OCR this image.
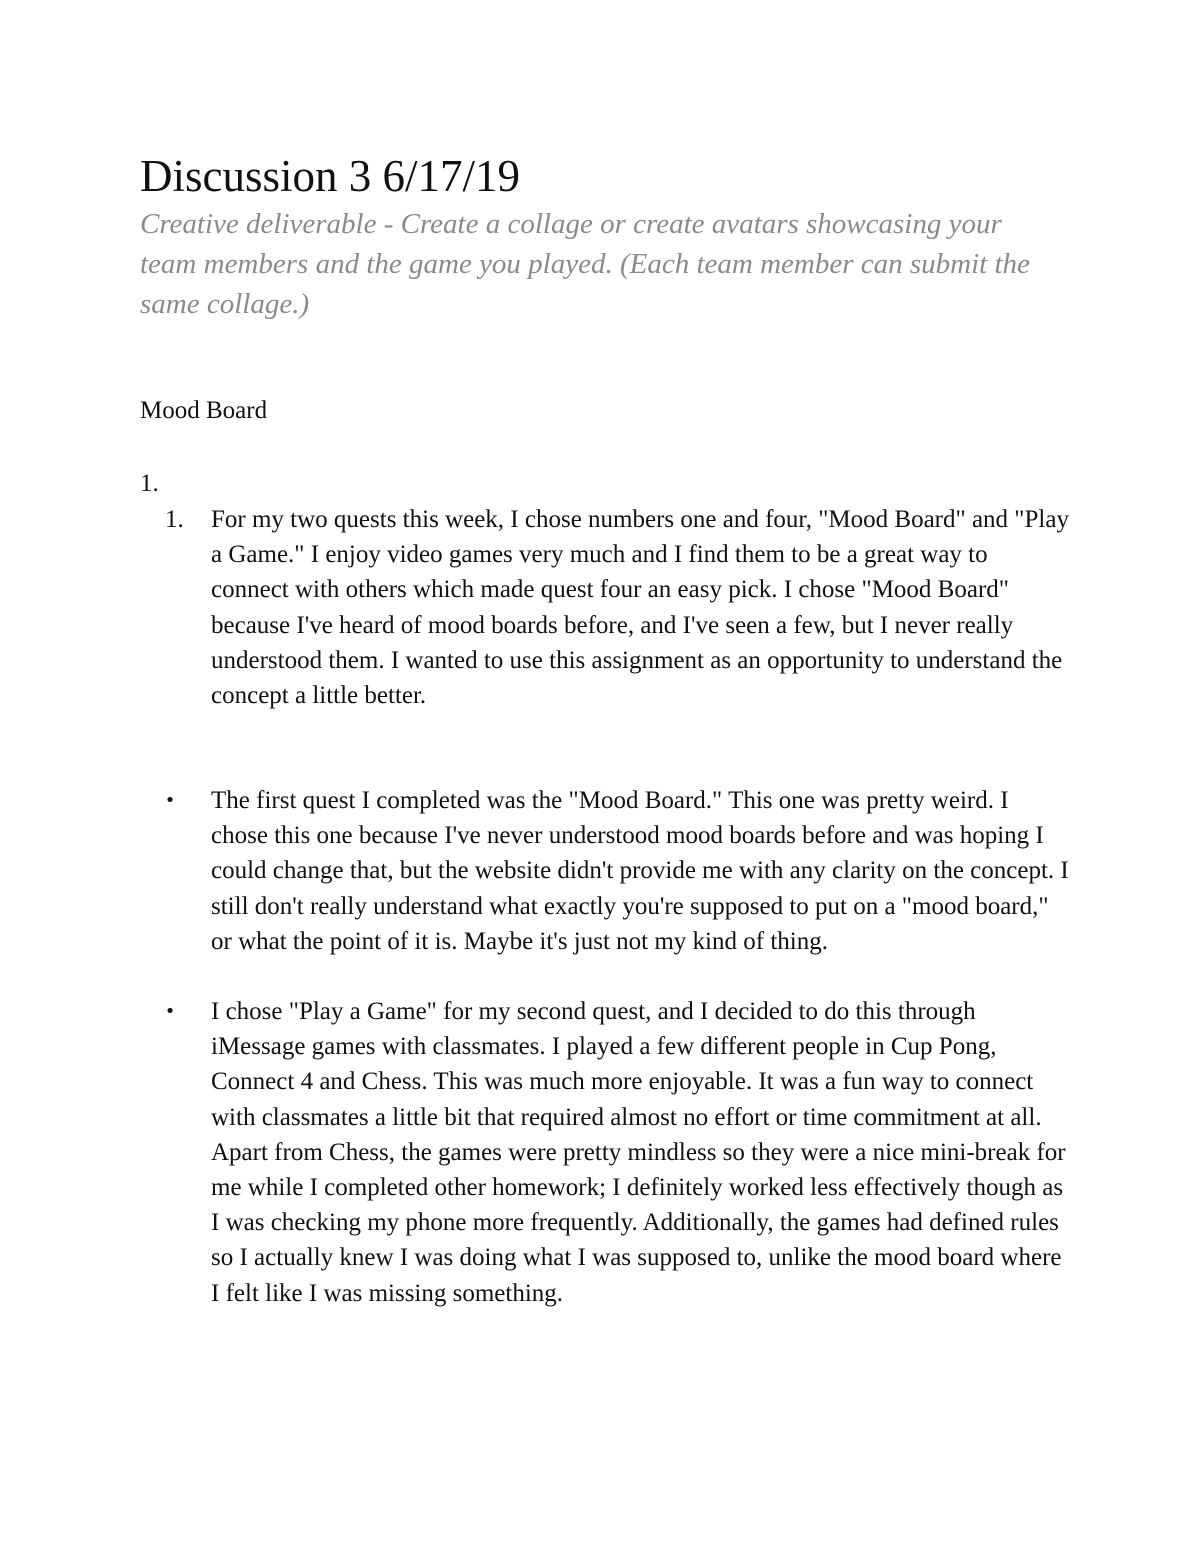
Discussion 3 6/17/19

Creative deliverable - Create a collage or create avatars showcasing your team members and the game you played. (Each team member can submit the same collage.)

Mood Board
1.
1.	For my two quests this week, I chose numbers one and four, "Mood Board" and "Play a Game." I enjoy video games very much and I find them to be a great way to connect with others which made quest four an easy pick. I chose "Mood Board" because I've heard of mood boards before, and I've seen a few, but I never really understood them. I wanted to use this assignment as an opportunity to understand the concept a little better.
• The first quest I completed was the "Mood Board." This one was pretty weird. I chose this one because I've never understood mood boards before and was hoping I could change that, but the website didn't provide me with any clarity on the concept. I still don't really understand what exactly you're supposed to put on a "mood board," or what the point of it is. Maybe it's just not my kind of thing.
• I chose "Play a Game" for my second quest, and I decided to do this through iMessage games with classmates. I played a few different people in Cup Pong, Connect 4 and Chess. This was much more enjoyable. It was a fun way to connect with classmates a little bit that required almost no effort or time commitment at all. Apart from Chess, the games were pretty mindless so they were a nice mini-break for me while I completed other homework; I definitely worked less effectively though as I was checking my phone more frequently. Additionally, the games had defined rules so I actually knew I was doing what I was supposed to, unlike the mood board where I felt like I was missing something.
